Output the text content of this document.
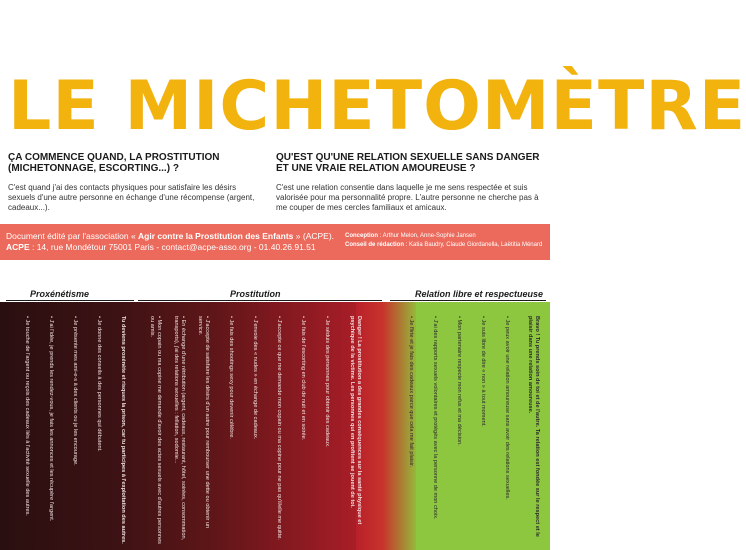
LE MICHETOMÈTRE
ÇA COMMENCE QUAND, LA PROSTITUTION (MICHETONNAGE, ESCORTING...) ?
C'est quand j'ai des contacts physiques pour satisfaire les désirs sexuels d'une autre personne en échange d'une récompense (argent, cadeaux...).
QU'EST QU'UNE RELATION SEXUELLE SANS DANGER ET UNE VRAIE RELATION AMOUREUSE ?
C'est une relation consentie dans laquelle je me sens respectée et suis valorisée pour ma personnalité propre. L'autre personne ne cherche pas à me couper de mes cercles familiaux et amicaux.
Document édité par l'association « Agir contre la Prostitution des Enfants » (ACPE).
ACPE : 14, rue Mondétour 75001 Paris - contact@acpe-asso.org - 01.40.26.91.51
Conception : Arthur Melon, Anne-Sophie Jansen
Conseil de rédaction : Katia Baudry, Claude Giordanella, Laëtitia Ménard
Proxénétisme	Prostitution	Relation libre et respectueuse
• Je touche de l'argent ou reçois des cadeaux liés à l'activité sexuelle des autres.	• J'ai l'idée, je prends les rendez-vous, je fais les annonces et les récupère l'argent.	• Je présente mes ami-e-s à des clients ou je les encourage.	• Je donne des conseils à des personnes qui débutent.	Tu deviens proxénète et risques la prison, car tu participes à l'exploitation des autres.	• Mon copain ou ma copine me demande d'avoir des actes sexuels avec d'autres personnes ou amis.	• En échange d'une rétribution (argent, cadeaux, restaurant, hôtel, soirées, consommation, transports), j'ai des relations sexuelles : fellation, sodomie...	• J'accepte de satisfaire les désirs d'un autre pour rembourser une dette ou obtenir un service.	• Je fais des shootings sexy pour devenir célèbre.	• J'envoie des « nudes » en échange de cadeaux.	• J'accepte ce que me demande mon copain ou ma copine pour ne pas qu'il/elle me quitte.	• Je fais de l'escorting en club de nuit et en soirée.	• Je séduis des personnes pour obtenir des cadeaux.	Danger ! La prostitution a des grandes conséquences sur la santé physique et psychique de la victime. Les personnes qui en profitent se jouent de toi.	• Je flirte et je fais des cadeaux parce que cela me fait plaisir.	• J'ai des rapports sexuels volontaires et protégés avec la personne de mon choix.	• Mon partenaire respecte mon refus et ma décision.	• Je suis libre de dire « non » à tout moment.	• Je peux avoir une relation amoureuse sans avoir des relations sexuelles.	Bravo ! Tu prends soin de toi et de l'autre. Ta relation est fondée sur le respect et le plaisir dans une relation amoureuse.
